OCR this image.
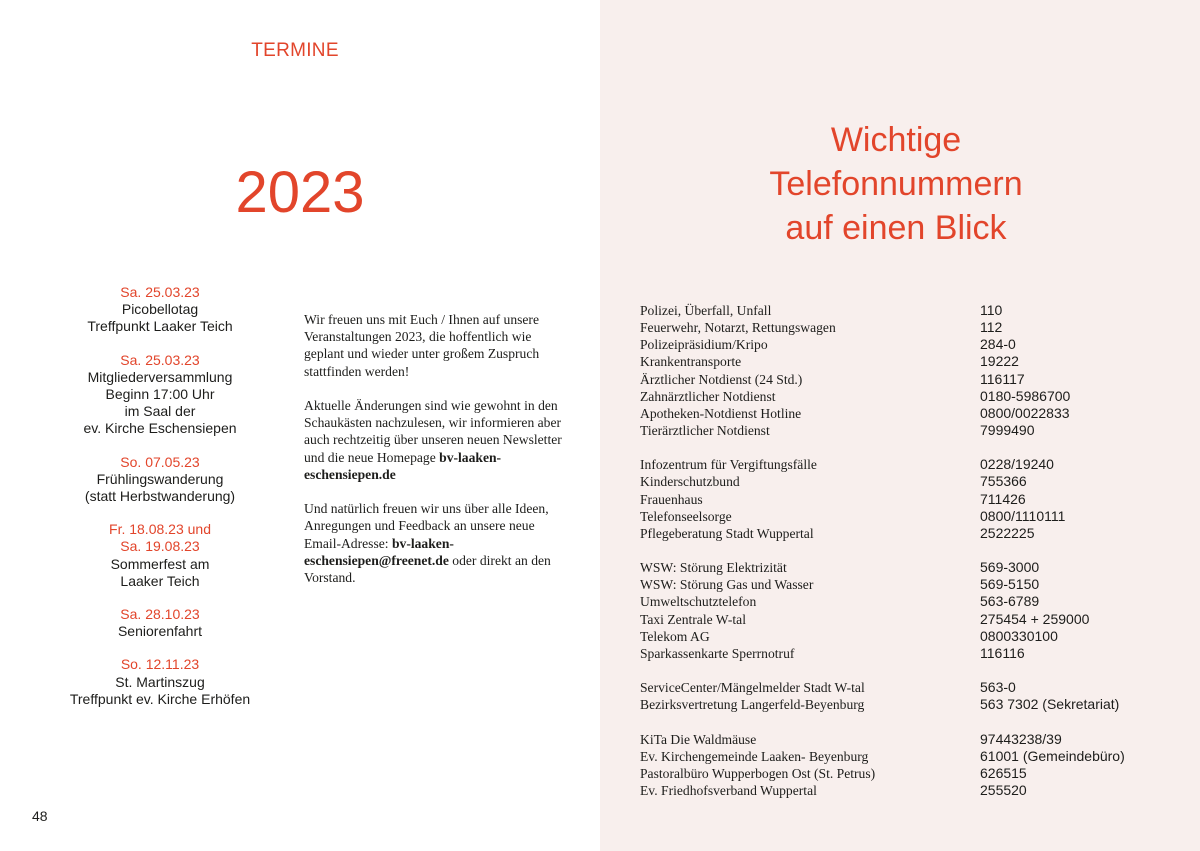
TERMINE
2023
Sa. 25.03.23
Picobellotag
Treffpunkt Laaker Teich
Sa. 25.03.23
Mitgliederversammlung
Beginn 17:00 Uhr
im Saal der
ev. Kirche Eschensiepen
So. 07.05.23
Frühlingswanderung
(statt Herbstwanderung)
Fr. 18.08.23 und
Sa. 19.08.23
Sommerfest am
Laaker Teich
Sa. 28.10.23
Seniorenfahrt
So. 12.11.23
St. Martinszug
Treffpunkt ev. Kirche Erhöfen

Wir freuen uns mit Euch / Ihnen auf unsere Veranstaltungen 2023, die hoffentlich wie geplant und wieder unter großem Zuspruch stattfinden werden!

Aktuelle Änderungen sind wie gewohnt in den Schaukästen nachzulesen, wir informieren aber auch rechtzeitig über unseren neuen Newsletter und die neue Homepage bv-laaken-eschensiepen.de

Und natürlich freuen wir uns über alle Ideen, Anregungen und Feedback an unsere neue Email-Adresse: bv-laaken-eschensiepen@freenet.de oder direkt an den Vorstand.

48
Wichtige
Telefonnummern
auf einen Blick
Polizei, Überfall, Unfall	110
Feuerwehr, Notarzt, Rettungswagen	112
Polizeipräsidium/Kripo	284-0
Krankentransporte	19222
Ärztlicher Notdienst (24 Std.)	116117
Zahnärztlicher Notdienst	0180-5986700
Apotheken-Notdienst Hotline	0800/0022833
Tierärztlicher Notdienst	7999490
Infozentrum für Vergiftungsfälle	0228/19240
Kinderschutzbund	755366
Frauenhaus	711426
Telefonseelsorge	0800/1110111
Pflegeberatung Stadt Wuppertal	2522225
WSW: Störung Elektrizität	569-3000
WSW: Störung Gas und Wasser	569-5150
Umweltschutztelefon	563-6789
Taxi Zentrale W-tal	275454 + 259000
Telekom AG	0800330100
Sparkassenkarte Sperrnotruf	116116
ServiceCenter/Mängelmelder Stadt W-tal	563-0
Bezirksvertretung Langerfeld-Beyenburg	563 7302 (Sekretariat)
KiTa Die Waldmäuse	97443238/39
Ev. Kirchengemeinde Laaken- Beyenburg	61001 (Gemeindebüro)
Pastoralbüro Wupperbogen Ost (St. Petrus)	626515
Ev. Friedhofsverband Wuppertal	255520
